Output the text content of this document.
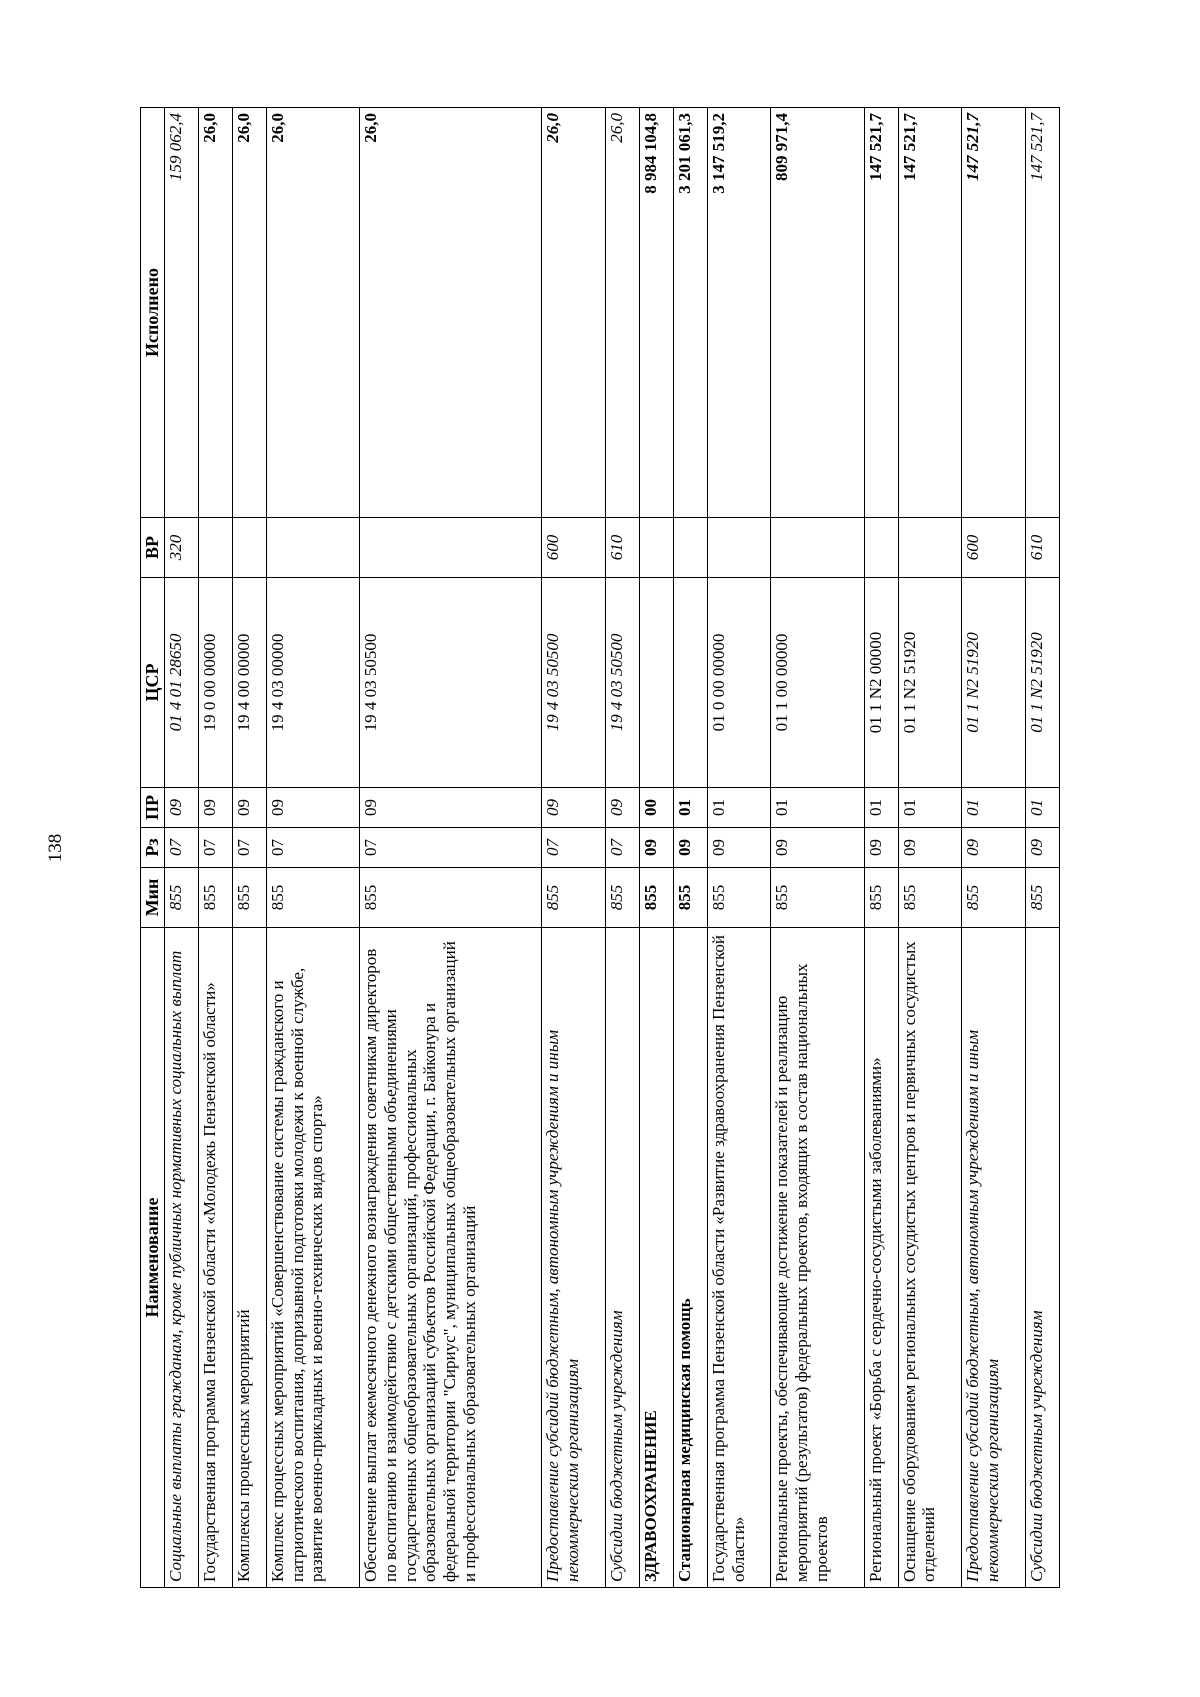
138
Наименование	Мин	Рз	ПР	ЦСР	ВР	Исполнено
Социальные выплаты гражданам, кроме публичных нормативных социальных выплат	855	07	09	01 4 01 28650	320	159 062,4
Государственная программа Пензенской области «Молодежь Пензенской области»	855	07	09	19 0 00 00000		26,0
Комплексы процессных мероприятий	855	07	09	19 4 00 00000		26,0
Комплекс процессных мероприятий «Совершенствование системы гражданского и патриотического воспитания, допризывной подготовки молодежи к военной службе, развитие военно-прикладных и военно-технических видов спорта»	855	07	09	19 4 03 00000		26,0
Обеспечение выплат ежемесячного денежного вознаграждения советникам директоров по воспитанию и взаимодействию с детскими общественными объединениями государственных общеобразовательных организаций, профессиональных образовательных организаций субъектов Российской Федерации, г. Байконура и федеральной территории "Сириус", муниципальных общеобразовательных организаций и профессиональных образовательных организаций	855	07	09	19 4 03 50500		26,0
Предоставление субсидий бюджетным, автономным учреждениям и иным некоммерческим организациям	855	07	09	19 4 03 50500	600	26,0
Субсидии бюджетным учреждениям	855	07	09	19 4 03 50500	610	26,0
ЗДРАВООХРАНЕНИЕ	855	09	00			8 984 104,8
Стационарная медицинская помощь	855	09	01			3 201 061,3
Государственная программа Пензенской области «Развитие здравоохранения Пензенской области»	855	09	01	01 0 00 00000		3 147 519,2
Региональные проекты, обеспечивающие достижение показателей и реализацию мероприятий (результатов) федеральных проектов, входящих в состав национальных проектов	855	09	01	01 1 00 00000		809 971,4
Региональный проект «Борьба с сердечно-сосудистыми заболеваниями»	855	09	01	01 1 N2 00000		147 521,7
Оснащение оборудованием региональных сосудистых центров и первичных сосудистых отделений	855	09	01	01 1 N2 51920		147 521,7
Предоставление субсидий бюджетным, автономным учреждениям и иным некоммерческим организациям	855	09	01	01 1 N2 51920	600	147 521,7
Субсидии бюджетным учреждениям	855	09	01	01 1 N2 51920	610	147 521,7
